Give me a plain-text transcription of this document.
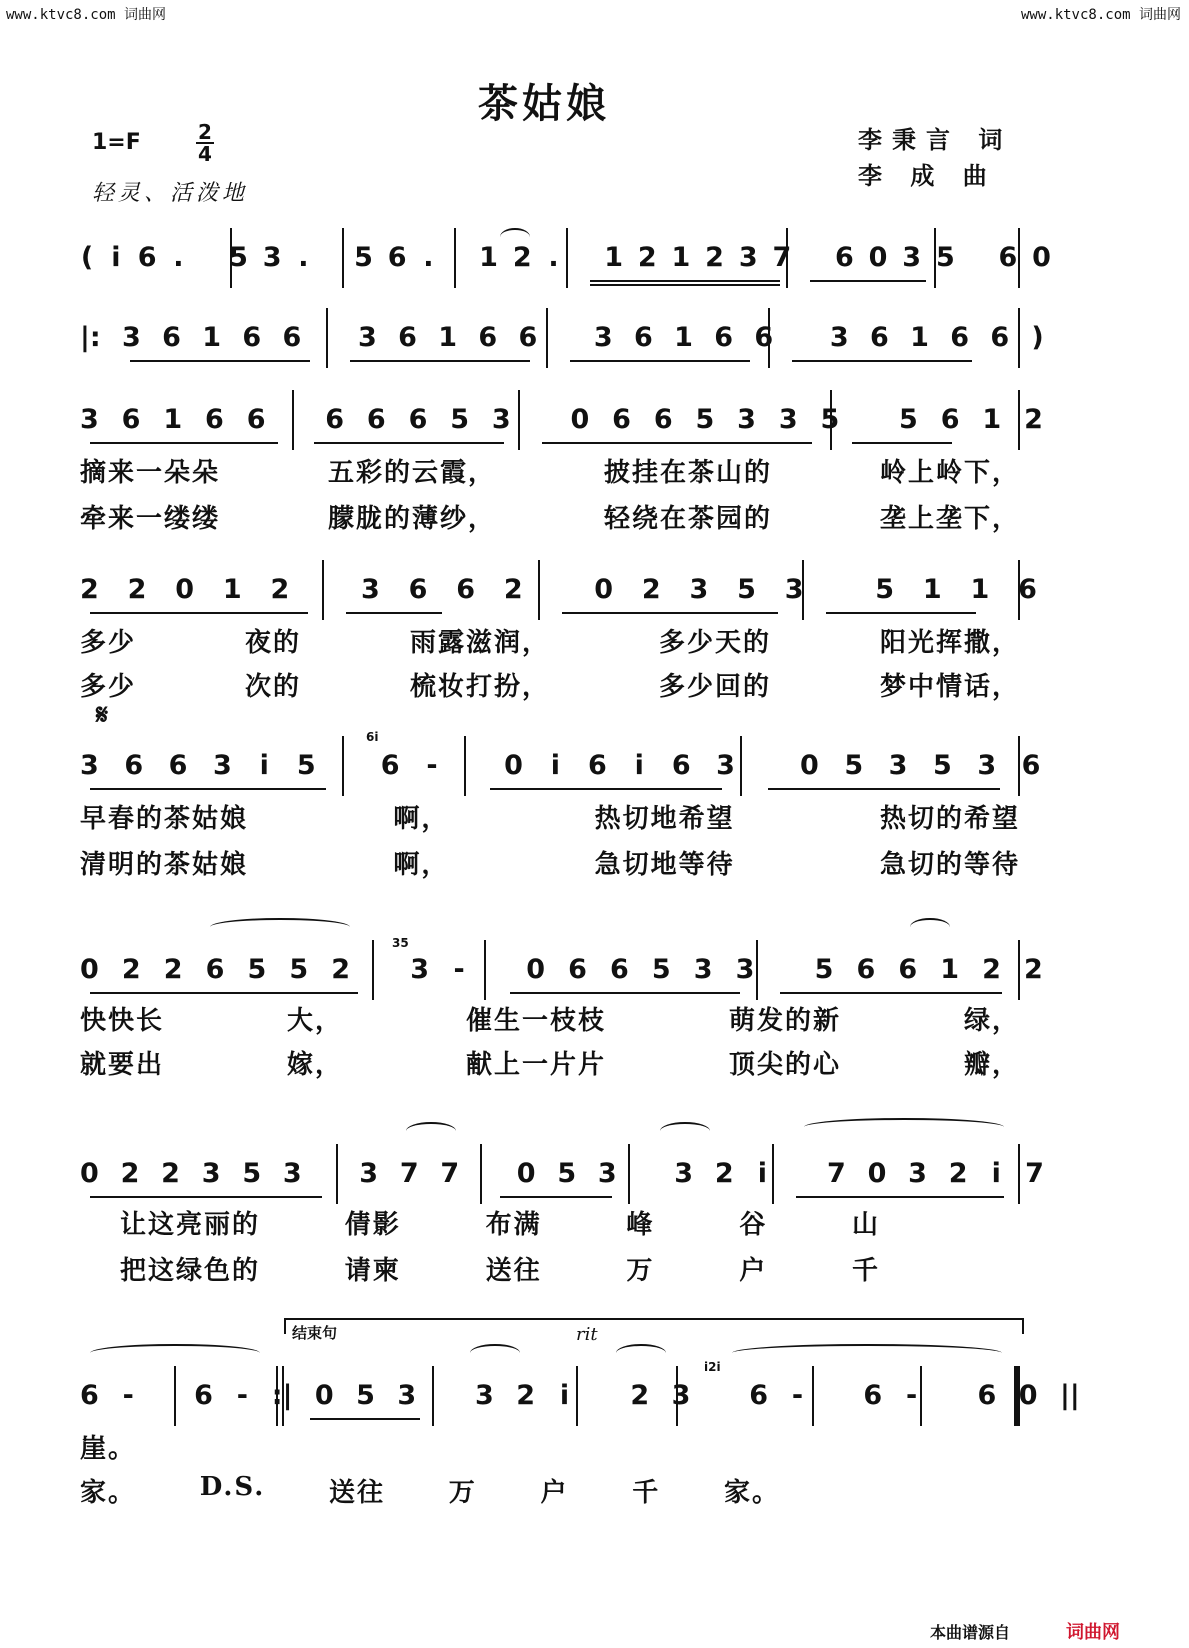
www.ktvc8.com 词曲网	www.ktvc8.com 词曲网
茶姑娘
1=F	2
4
轻灵、活泼地
李秉言 词
李 成 曲
( i 6 . 5 3 . 5 6 . 1 2 . 1 2 1 2 3 7 6 0 3 5 6 0
|: 3 6 1 6 6 3 6 1 6 6 3 6 1 6 6 3 6 1 6 6 )
3 6 1 6 6 6 6 6 5 3 0 6 6 5 3 3 5 5 6 1 2
摘来一朵朵	五彩的云霞，	披挂在茶山的	岭上岭下，
牵来一缕缕	朦胧的薄纱，	轻绕在茶园的	垄上垄下，
2 2 0 1 2	3 6 6 2	0 2 3 5 3	5 1 1 6
多少	夜的	雨露滋润，	多少天的	阳光挥撒，
多少	次的	梳妆打扮，	多少回的	梦中情话，
𝄋
3 6 6 3 i 5 6 - 0 i 6 i 6 3 0 5 3 5 3 6
6i
早春的茶姑娘	啊，	热切地希望	热切的希望
清明的茶姑娘	啊，	急切地等待	急切的等待
0 2 2 6 5 5 2 3 - 0 6 6 5 3 3 5 6 6 1 2 2
35
快快长	大，	催生一枝枝	萌发的新	绿，
就要出	嫁，	献上一片片	顶尖的心	瓣，
0 2 2 3 5 3 3 7 7 0 5 3 3 2 i 7 0 3 2 i 7
让这亮丽的	倩影	布满	峰	谷	山
把这绿色的	请柬	送往	万	户	千
结束句	rit
6 - 6 - :| 0 5 3 3 2 i 2 3 6 - 6 - 6 0 ||
i2i
崖。
家。 D.S. 送往 万 户 千 家。
本曲谱源自	词曲网
